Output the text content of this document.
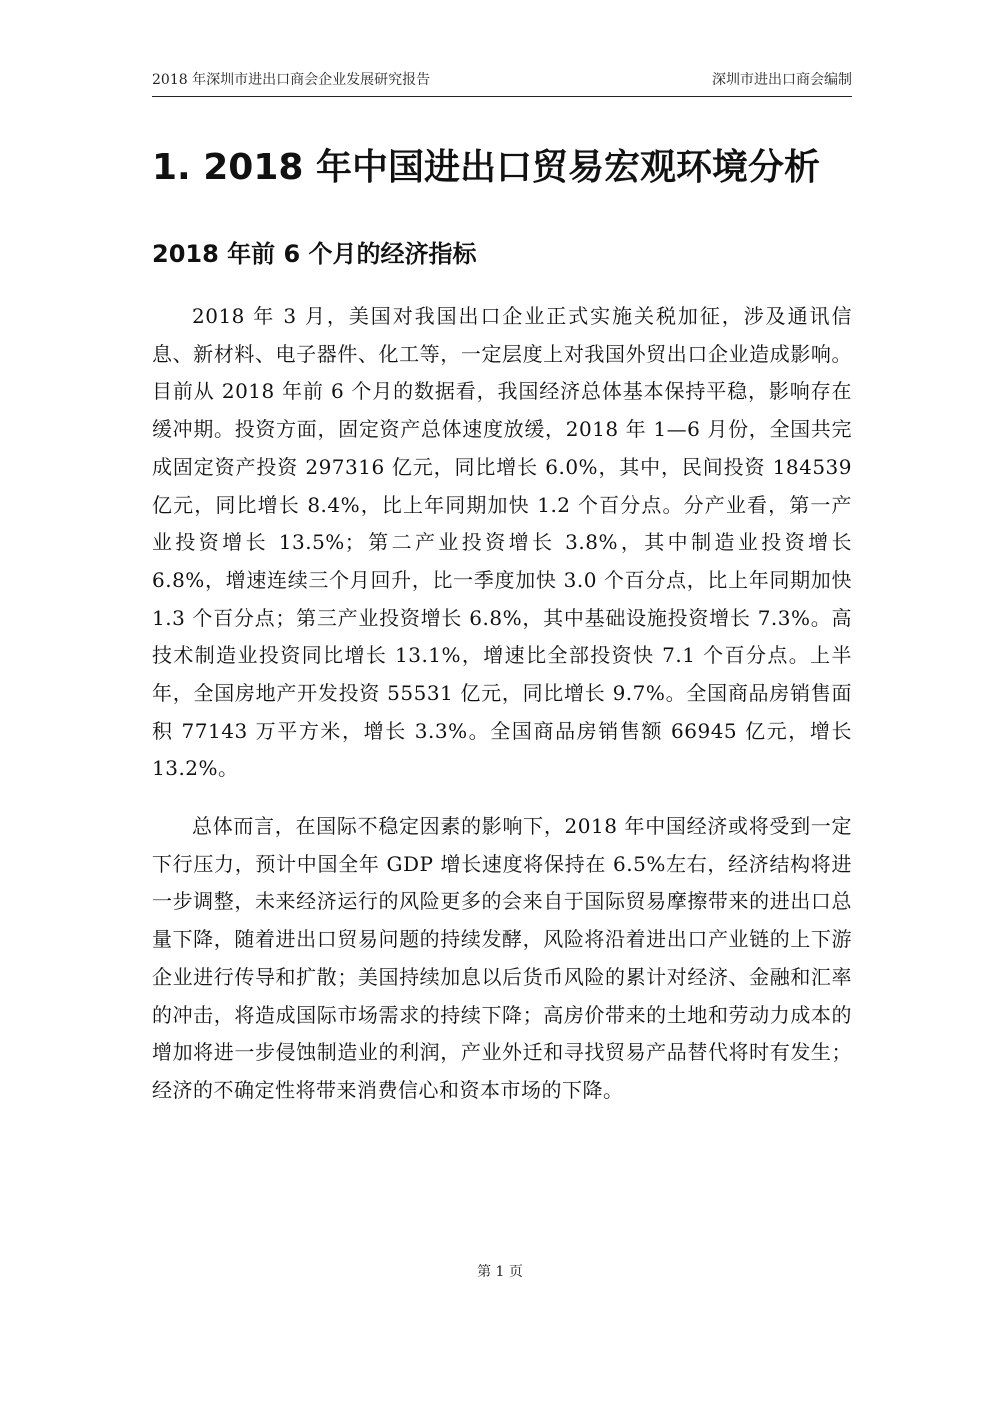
2018 年深圳市进出口商会企业发展研究报告	深圳市进出口商会编制
1. 2018 年中国进出口贸易宏观环境分析
2018 年前 6 个月的经济指标

2018 年 3 月，美国对我国出口企业正式实施关税加征，涉及通讯信息、新材料、电子器件、化工等，一定层度上对我国外贸出口企业造成影响。目前从 2018 年前 6 个月的数据看，我国经济总体基本保持平稳，影响存在缓冲期。投资方面，固定资产总体速度放缓，2018 年 1—6 月份，全国共完成固定资产投资 297316 亿元，同比增长 6.0%，其中，民间投资 184539 亿元，同比增长 8.4%，比上年同期加快 1.2 个百分点。分产业看，第一产业投资增长 13.5%；第二产业投资增长 3.8%，其中制造业投资增长 6.8%，增速连续三个月回升，比一季度加快 3.0 个百分点，比上年同期加快 1.3 个百分点；第三产业投资增长 6.8%，其中基础设施投资增长 7.3%。高技术制造业投资同比增长 13.1%，增速比全部投资快 7.1 个百分点。上半年，全国房地产开发投资 55531 亿元，同比增长 9.7%。全国商品房销售面积 77143 万平方米，增长 3.3%。全国商品房销售额 66945 亿元，增长 13.2%。

总体而言，在国际不稳定因素的影响下，2018 年中国经济或将受到一定下行压力，预计中国全年 GDP 增长速度将保持在 6.5%左右，经济结构将进一步调整，未来经济运行的风险更多的会来自于国际贸易摩擦带来的进出口总量下降，随着进出口贸易问题的持续发酵，风险将沿着进出口产业链的上下游企业进行传导和扩散；美国持续加息以后货币风险的累计对经济、金融和汇率的冲击，将造成国际市场需求的持续下降；高房价带来的土地和劳动力成本的增加将进一步侵蚀制造业的利润，产业外迁和寻找贸易产品替代将时有发生；经济的不确定性将带来消费信心和资本市场的下降。

第 1 页
